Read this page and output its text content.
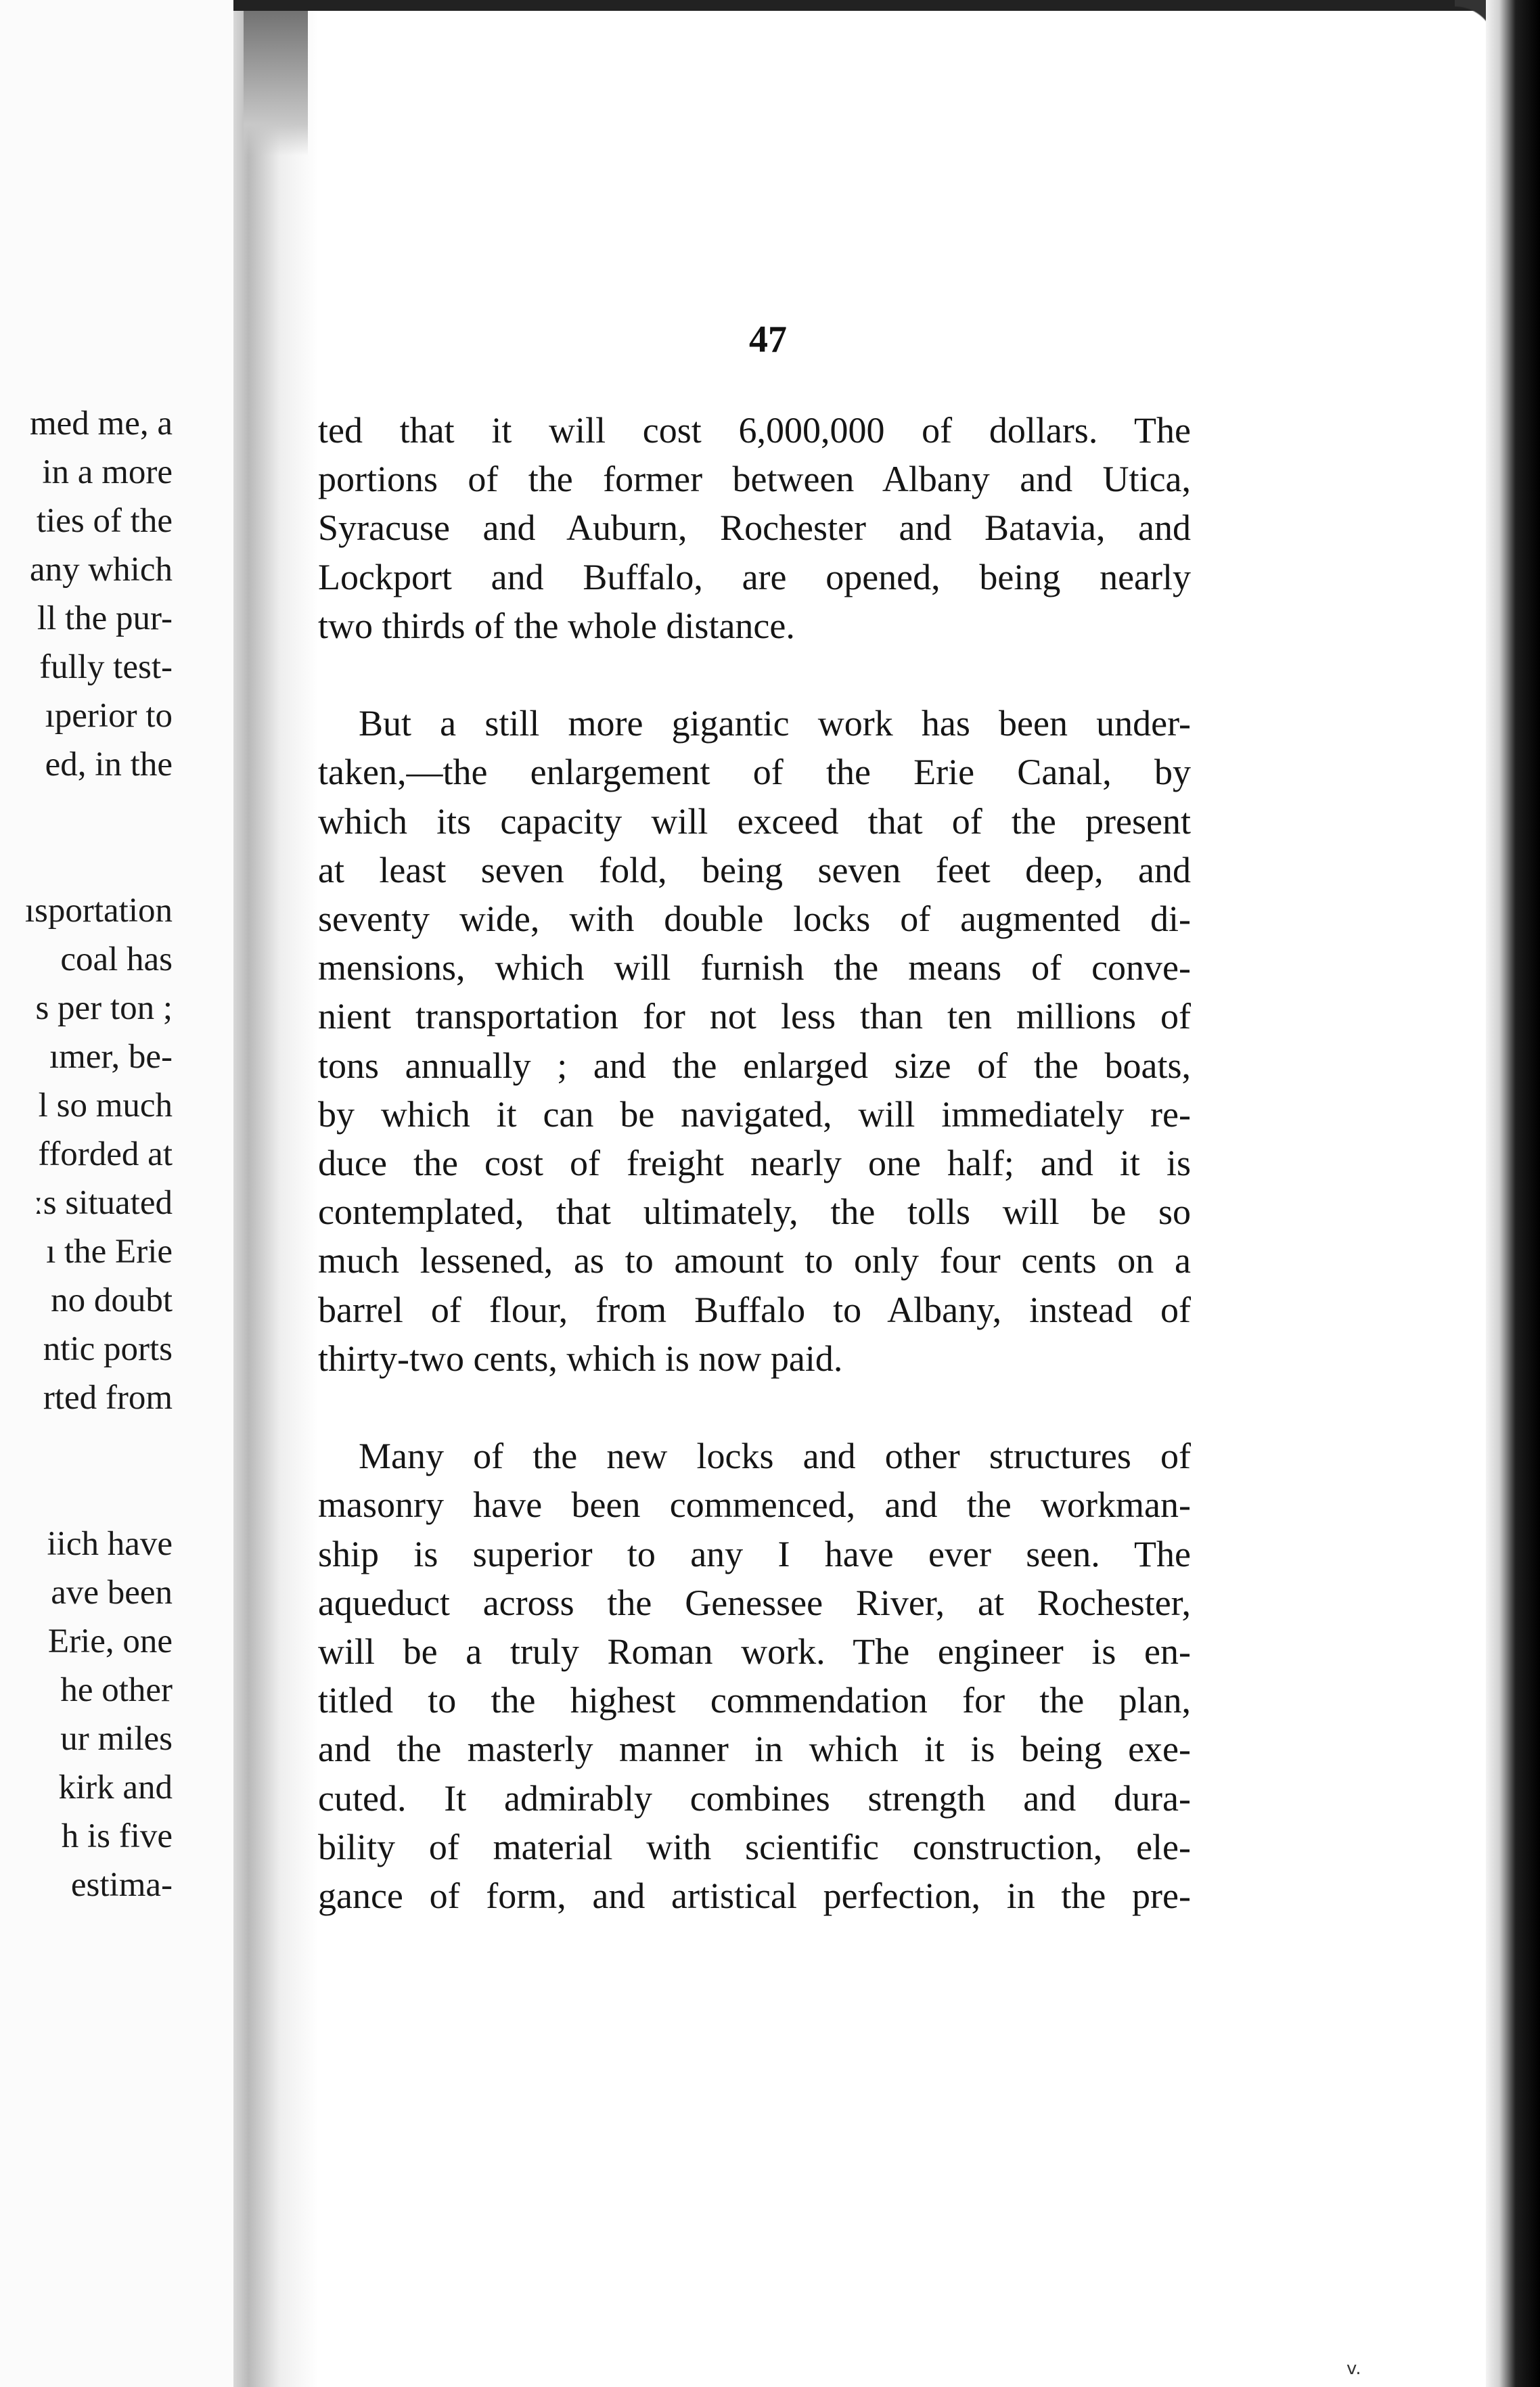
med me, a
in a more
ties of the
any which
ll the pur-
fully test-
ıperior to
ed, in the
ısportation
coal has
s per ton ;
ımer, be-
l so much
fforded at
ːs situated
ı the Erie
no doubt
ntic ports
rted from
iich have
ave been
Erie, one
he other
ur miles
kirk and
h is five
estima-
47
ted that it will cost 6,000,000 of dollars. The
portions of the former between Albany and Utica,
Syracuse and Auburn, Rochester and Batavia, and
Lockport and Buffalo, are opened, being nearly
two thirds of the whole distance.
But a still more gigantic work has been under-
taken,—the enlargement of the Erie Canal, by
which its capacity will exceed that of the present
at least seven fold, being seven feet deep, and
seventy wide, with double locks of augmented di-
mensions, which will furnish the means of conve-
nient transportation for not less than ten millions of
tons annually ; and the enlarged size of the boats,
by which it can be navigated, will immediately re-
duce the cost of freight nearly one half; and it is
contemplated, that ultimately, the tolls will be so
much lessened, as to amount to only four cents on a
barrel of flour, from Buffalo to Albany, instead of
thirty-two cents, which is now paid.
Many of the new locks and other structures of
masonry have been commenced, and the workman-
ship is superior to any I have ever seen. The
aqueduct across the Genessee River, at Rochester,
will be a truly Roman work. The engineer is en-
titled to the highest commendation for the plan,
and the masterly manner in which it is being exe-
cuted. It admirably combines strength and dura-
bility of material with scientific construction, ele-
gance of form, and artistical perfection, in the pre-
v.
